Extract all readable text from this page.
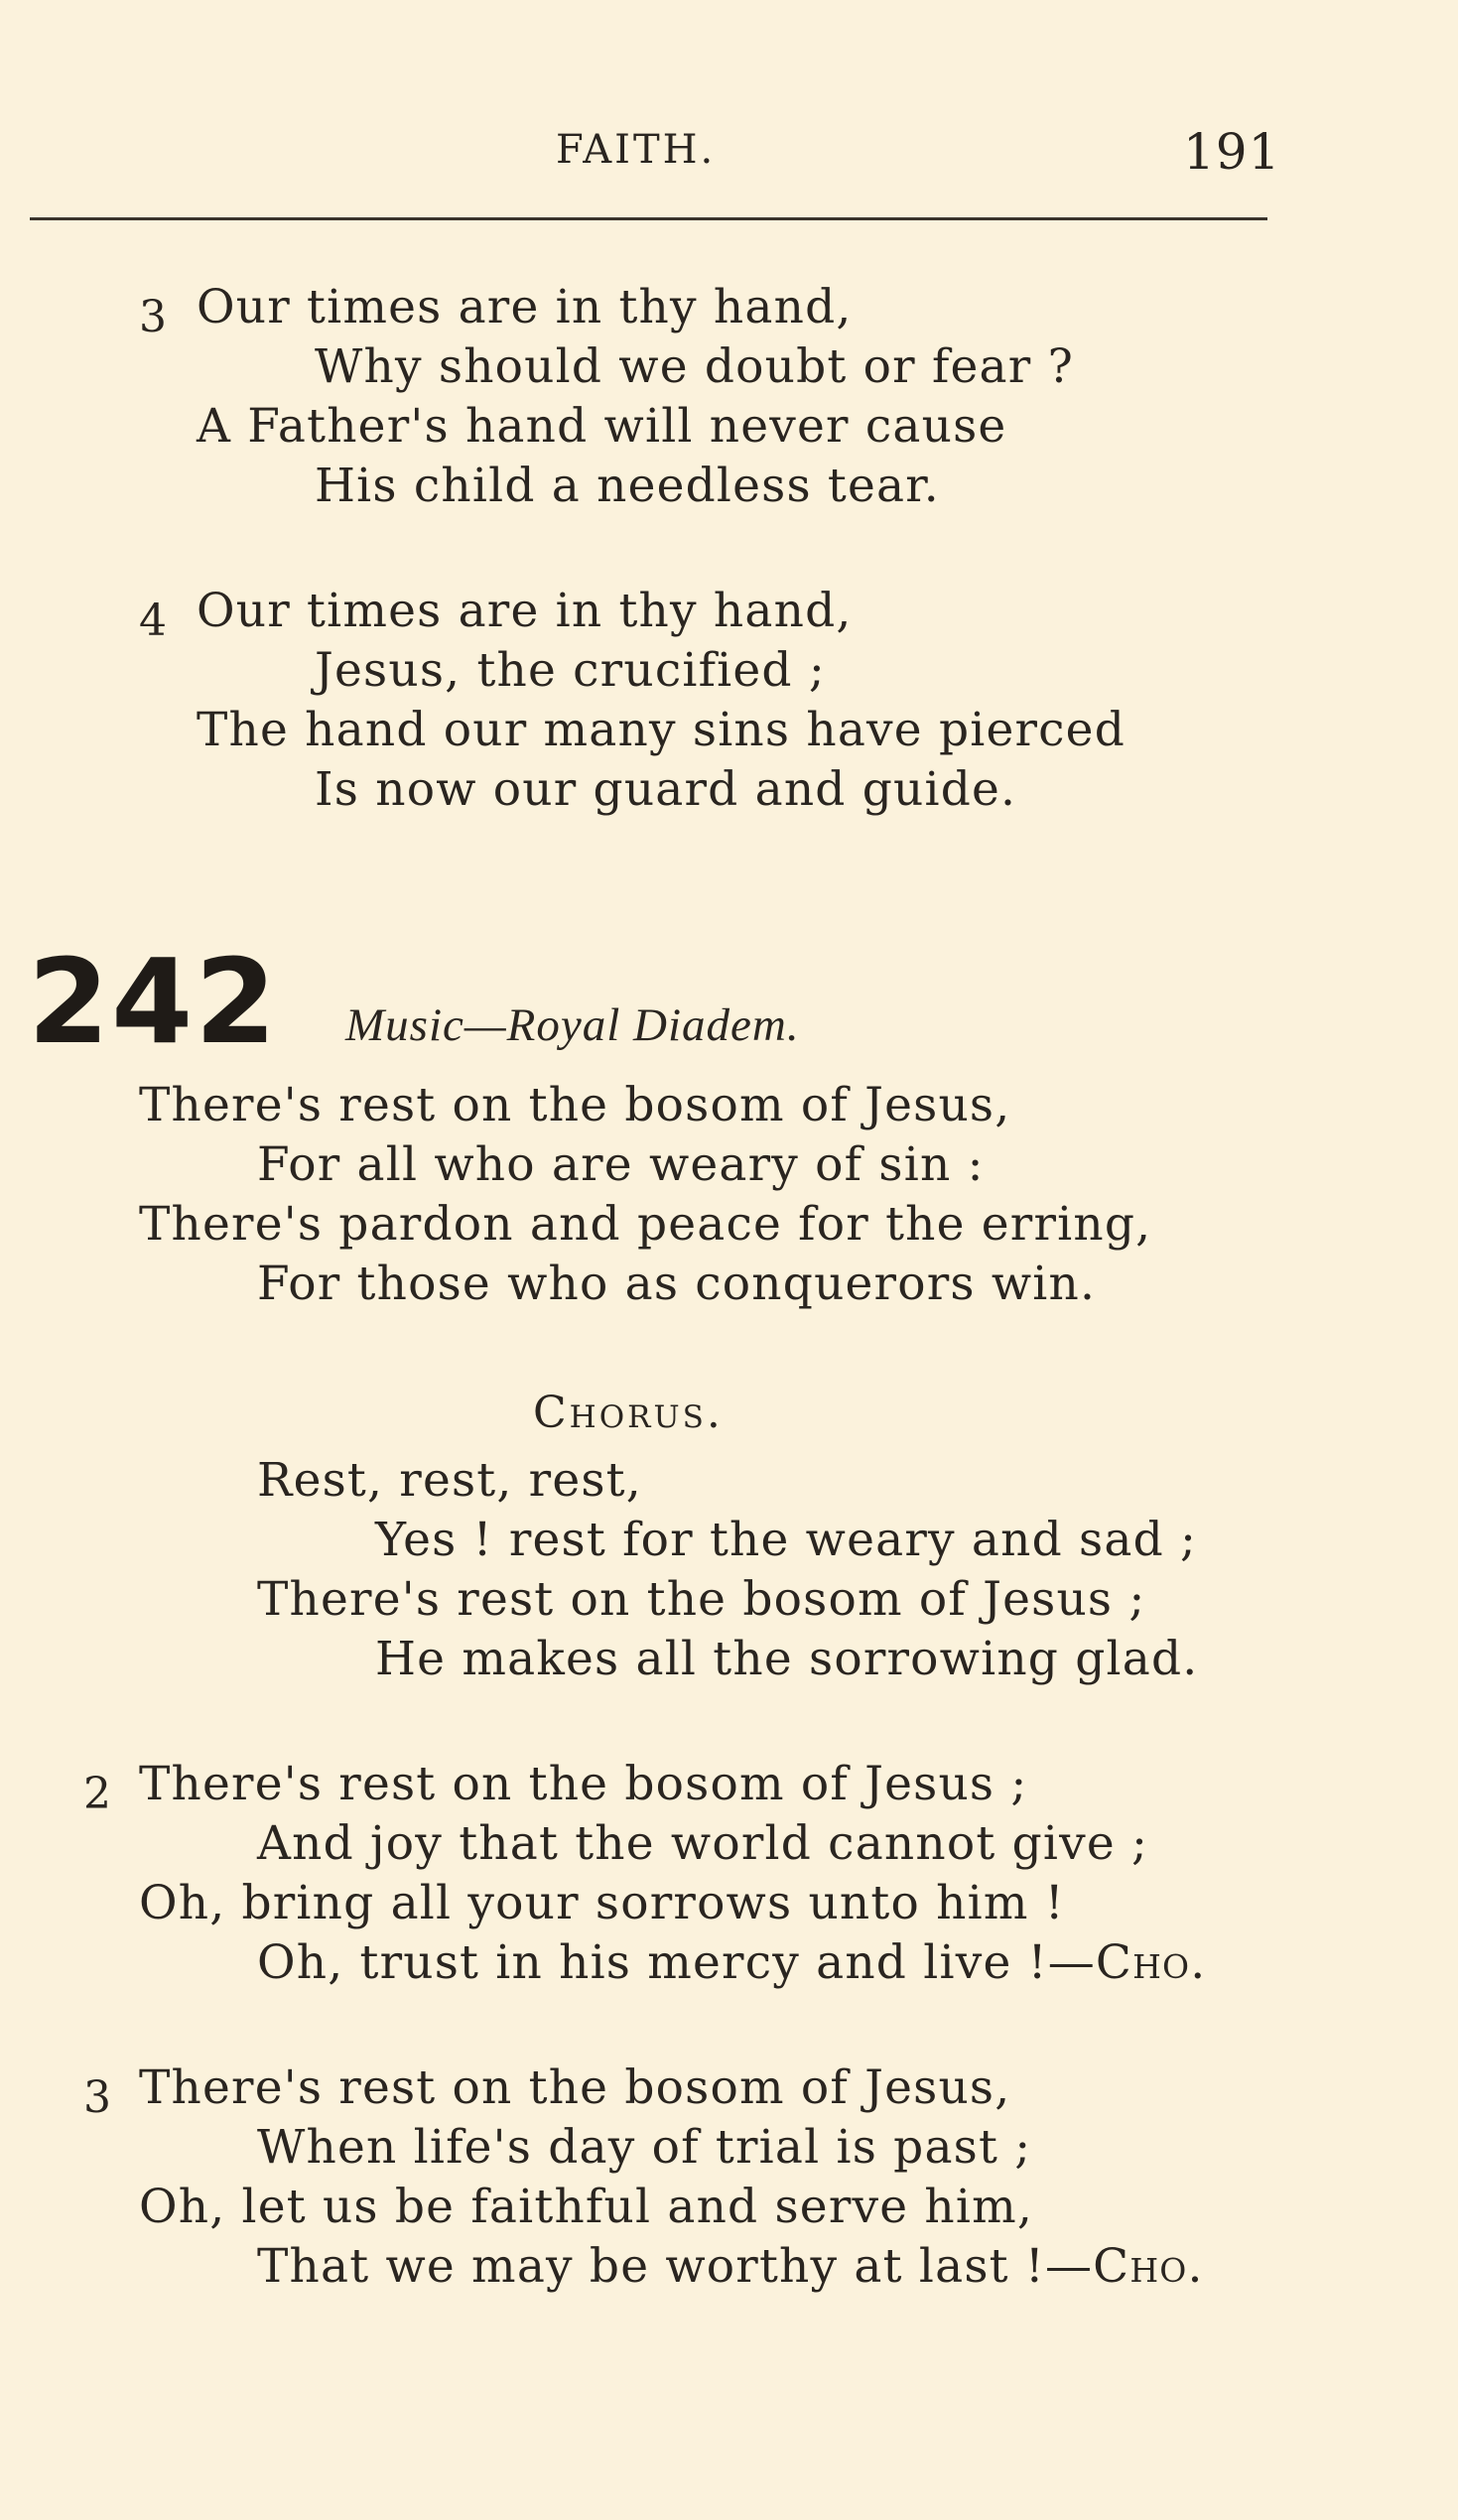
FAITH.	191
3 Our times are in thy hand,
Why should we doubt or fear ?
A Father's hand will never cause
His child a needless tear.
4 Our times are in thy hand,
Jesus, the crucified ;
The hand our many sins have pierced
Is now our guard and guide.
242 Music—Royal Diadem.
There's rest on the bosom of Jesus,
For all who are weary of sin :
There's pardon and peace for the erring,
For those who as conquerors win.
Chorus.
Rest, rest, rest,
Yes ! rest for the weary and sad ;
There's rest on the bosom of Jesus ;
He makes all the sorrowing glad.
2 There's rest on the bosom of Jesus ;
And joy that the world cannot give ;
Oh, bring all your sorrows unto him !
Oh, trust in his mercy and live !—Cho.
3 There's rest on the bosom of Jesus,
When life's day of trial is past ;
Oh, let us be faithful and serve him,
That we may be worthy at last !—Cho.
